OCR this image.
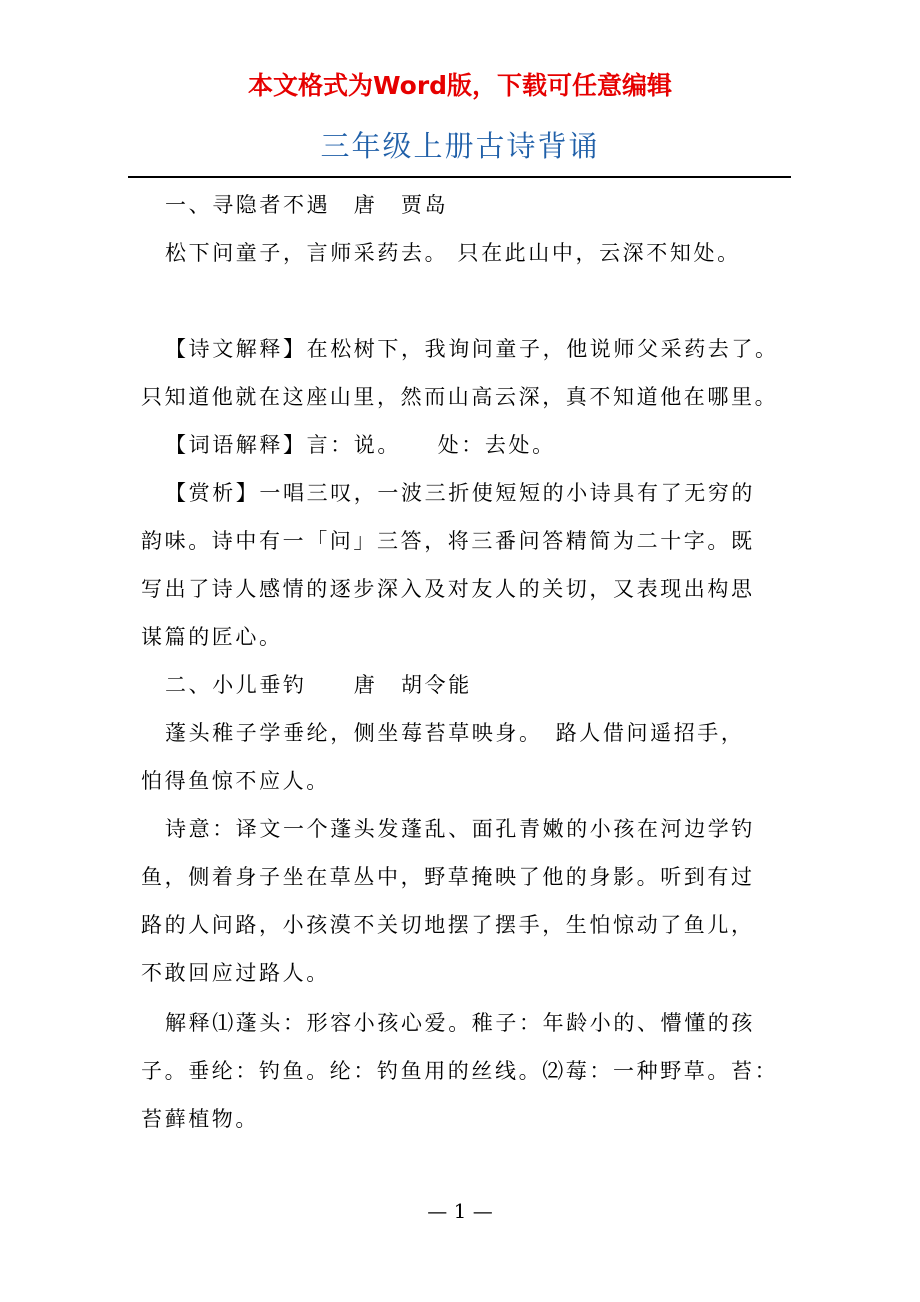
本文格式为Word版，下载可任意编辑
三年级上册古诗背诵
一、寻隐者不遇　唐　贾岛
松下问童子，言师采药去。 只在此山中，云深不知处。
【诗文解释】在松树下，我询问童子，他说师父采药去了。
只知道他就在这座山里，然而山高云深，真不知道他在哪里。
【词语解释】言：说。　　处：去处。
【赏析】一唱三叹，一波三折使短短的小诗具有了无穷的
韵味。诗中有一「问」三答，将三番问答精简为二十字。既
写出了诗人感情的逐步深入及对友人的关切，又表现出构思
谋篇的匠心。
二、小儿垂钓　　唐　胡令能
蓬头稚子学垂纶，侧坐莓苔草映身。　路人借问遥招手，
怕得鱼惊不应人。
诗意：译文一个蓬头发蓬乱、面孔青嫩的小孩在河边学钓
鱼，侧着身子坐在草丛中，野草掩映了他的身影。听到有过
路的人问路，小孩漠不关切地摆了摆手，生怕惊动了鱼儿，
不敢回应过路人。
解释⑴蓬头：形容小孩心爱。稚子：年龄小的、懵懂的孩
子。垂纶：钓鱼。纶：钓鱼用的丝线。⑵莓：一种野草。苔：
苔藓植物。
— 1 —
